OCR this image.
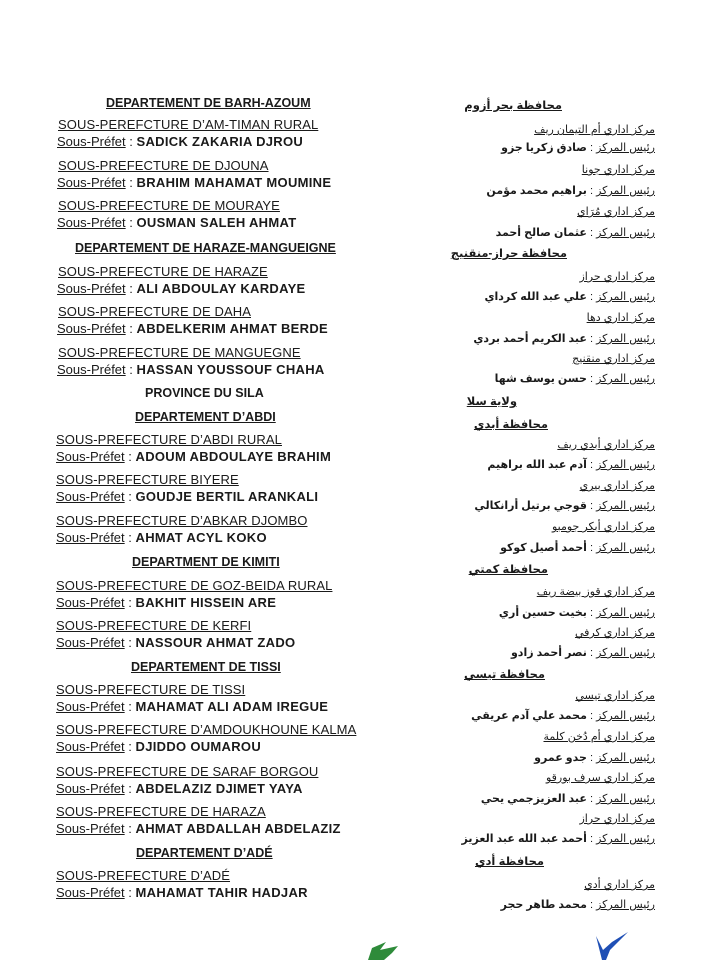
DEPARTEMENT DE BARH-AZOUM
SOUS-PEREFCTURE D’AM-TIMAN RURAL
Sous-Préfet : SADICK ZAKARIA DJROU
SOUS-PREFECTURE DE DJOUNA
Sous-Préfet : BRAHIM MAHAMAT MOUMINE
SOUS-PREFECTURE DE MOURAYE
Sous-Préfet : OUSMAN SALEH AHMAT
DEPARTEMENT DE HARAZE-MANGUEIGNE
SOUS-PREFECTURE DE HARAZE
Sous-Préfet : ALI ABDOULAY KARDAYE
SOUS-PREFECTURE DE DAHA
Sous-Préfet : ABDELKERIM AHMAT BERDE
SOUS-PREFECTURE DE MANGUEGNE
Sous-Préfet : HASSAN YOUSSOUF CHAHA
PROVINCE DU SILA
DEPARTEMENT D’ABDI
SOUS-PREFECTURE D’ABDI RURAL
Sous-Préfet : ADOUM ABDOULAYE BRAHIM
SOUS-PREFECTURE BIYERE
Sous-Préfet : GOUDJE BERTIL ARANKALI
SOUS-PREFECTURE D’ABKAR DJOMBO
Sous-Préfet : AHMAT ACYL KOKO
DEPARTMENT DE KIMITI
SOUS-PREFECTURE DE GOZ-BEIDA RURAL
Sous-Préfet : BAKHIT HISSEIN ARE
SOUS-PREFECTURE DE KERFI
Sous-Préfet : NASSOUR AHMAT ZADO
DEPARTEMENT DE TISSI
SOUS-PREFECTURE DE TISSI
Sous-Préfet : MAHAMAT ALI ADAM IREGUE
SOUS-PREFECTURE D’AMDOUKHOUNE KALMA
Sous-Préfet : DJIDDO OUMAROU
SOUS-PREFECTURE DE SARAF BORGOU
Sous-Préfet : ABDELAZIZ DJIMET YAYA
SOUS-PREFECTURE DE HARAZA
Sous-Préfet : AHMAT ABDALLAH ABDELAZIZ
DEPARTEMENT D’ADÉ
SOUS-PREFECTURE D’ADÉ
Sous-Préfet : MAHAMAT TAHIR HADJAR
محافظة بحر أزوم
مركز اداري أم التيمان ريف
رئيس المركز : صادق زكريا جزو
مركز اداري جونا
رئيس المركز : براهيم محمد مؤمن
مركز اداري مُرَاي
رئيس المركز : عثمان صالح أحمد
محافظة حراز-منقنيج
مركز اداري حراز
رئيس المركز : علي عبد الله كرداي
مركز اداري دها
رئيس المركز : عبد الكريم أحمد بردي
مركز اداري منقنيج
رئيس المركز : حسن يوسف شها
ولاية سلا
محافظة أبدي
مركز اداري أبدي ريف
رئيس المركز : آدم عبد الله براهيم
مركز اداري بيري
رئيس المركز : قوجي برتيل أرانكالي
مركز اداري أبكر جومبو
رئيس المركز : أحمد أصيل كوكو
محافظة كمتي
مركز اداري قوز بيضة ريف
رئيس المركز : بخيت حسين أري
مركز اداري كرفي
رئيس المركز : نصر أحمد زادو
محافظة تيسي
مركز اداري تيسي
رئيس المركز : محمد علي آدم عريقي
مركز اداري أم دُخن كلمة
رئيس المركز : جدو عمرو
مركز اداري سرف بورقو
رئيس المركز : عبد العزيزجمي يحي
مركز اداري حراز
رئيس المركز : أحمد عبد الله عبد العزيز
محافظة أدي
مركز اداري أدي
رئيس المركز : محمد طاهر حجر
